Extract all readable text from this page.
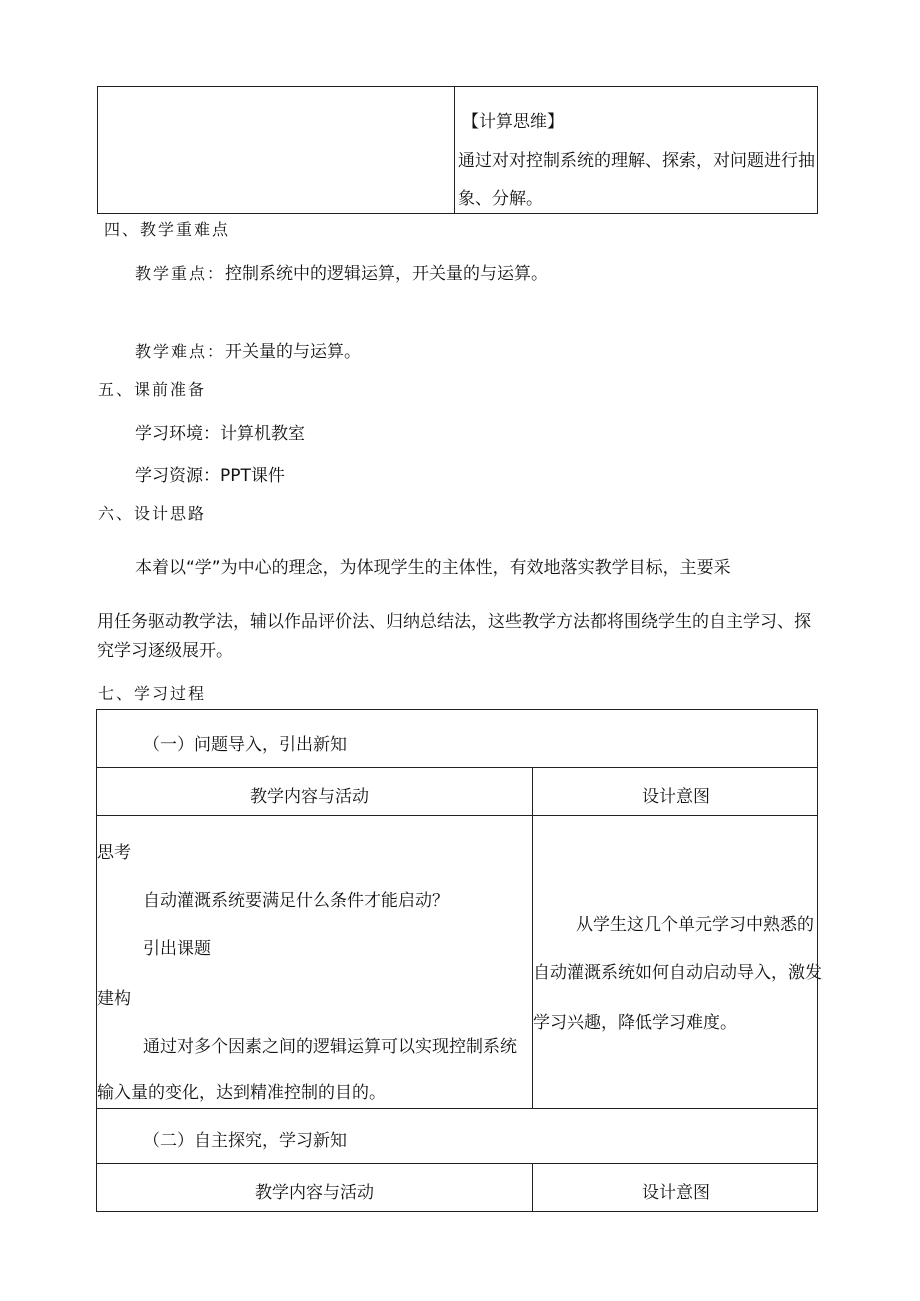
【计算思维】
通过对对控制系统的理解、探索，对问题进行抽
象、分解。
四、教学重难点
教学重点：控制系统中的逻辑运算，开关量的与运算。
教学难点：开关量的与运算。
五、课前准备
学习环境：计算机教室
学习资源：PPT课件
六、设计思路
本着以“学”为中心的理念，为体现学生的主体性，有效地落实教学目标，主要采
用任务驱动教学法，辅以作品评价法、归纳总结法，这些教学方法都将围绕学生的自主学习、探
究学习逐级展开。
七、学习过程
（一）问题导入，引出新知
教学内容与活动	设计意图
思考
自动灌溉系统要满足什么条件才能启动？
引出课题
建构
通过对多个因素之间的逻辑运算可以实现控制系统
输入量的变化，达到精准控制的目的。
从学生这几个单元学习中熟悉的
自动灌溉系统如何自动启动导入，激发
学习兴趣，降低学习难度。
（二）自主探究，学习新知
教学内容与活动	设计意图
